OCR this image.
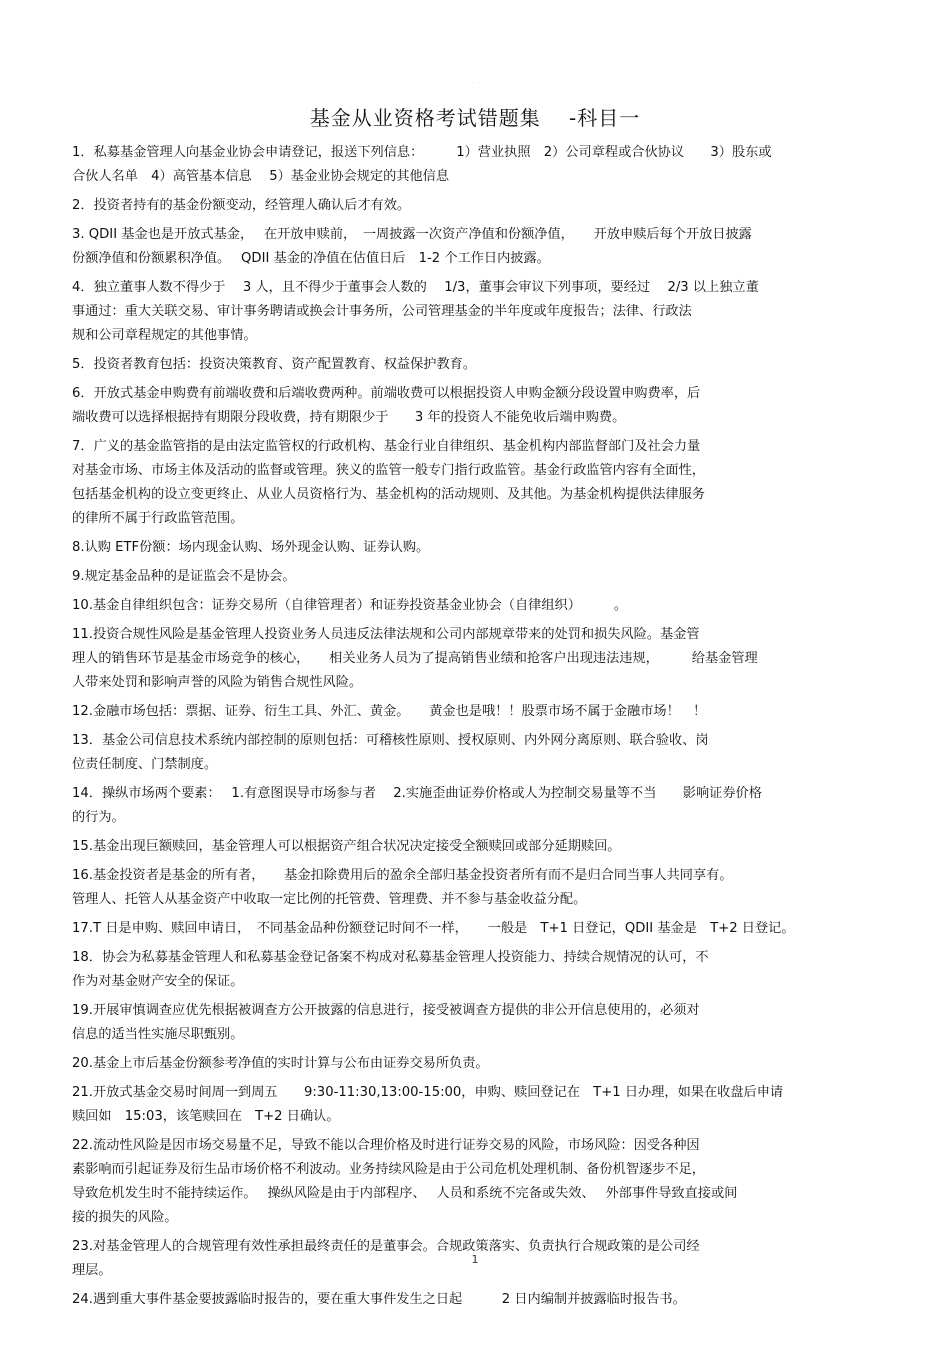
· · ·
基金从业资格考试错题集　 -科目一
1．私募基金管理人向基金业协会申请登记，报送下列信息：　　　1）营业执照　2）公司章程或合伙协议　　3）股东或
合伙人名单　4）高管基本信息　 5）基金业协会规定的其他信息
2．投资者持有的基金份额变动，经管理人确认后才有效。
3. QDII 基金也是开放式基金，　 在开放申赎前，　一周披露一次资产净值和份额净值，　　开放申赎后每个开放日披露
份额净值和份额累积净值。　 QDII 基金的净值在估值日后　1-2 个工作日内披露。
4．独立董事人数不得少于　 3 人，且不得少于董事会人数的　 1/3，董事会审议下列事项，要经过　 2/3 以上独立董
事通过：重大关联交易、审计事务聘请或换会计事务所，公司管理基金的半年度或年度报告；法律、行政法
规和公司章程规定的其他事情。
5．投资者教育包括：投资决策教育、资产配置教育、权益保护教育。
6．开放式基金申购费有前端收费和后端收费两种。前端收费可以根据投资人申购金额分段设置申购费率，后
端收费可以选择根据持有期限分段收费，持有期限少于　　3 年的投资人不能免收后端申购费。
7．广义的基金监管指的是由法定监管权的行政机构、基金行业自律组织、基金机构内部监督部门及社会力量
对基金市场、市场主体及活动的监督或管理。狭义的监管一般专门指行政监管。基金行政监管内容有全面性，
包括基金机构的设立变更终止、从业人员资格行为、基金机构的活动规则、及其他。为基金机构提供法律服务
的律所不属于行政监管范围。
8.认购 ETF份额：场内现金认购、场外现金认购、证券认购。
9.规定基金品种的是证监会不是协会。
10.基金自律组织包含：证券交易所（自律管理者）和证券投资基金业协会（自律组织）　　　。
11.投资合规性风险是基金管理人投资业务人员违反法律法规和公司内部规章带来的处罚和损失风险。基金管
理人的销售环节是基金市场竞争的核心，　　相关业务人员为了提高销售业绩和抢客户出现违法违规，　　　给基金管理
人带来处罚和影响声誉的风险为销售合规性风险。
12.金融市场包括：票据、证券、衍生工具、外汇、黄金。　　黄金也是哦！！股票市场不属于金融市场！　！
13．基金公司信息技术系统内部控制的原则包括：可稽核性原则、授权原则、内外网分离原则、联合验收、岗
位责任制度、门禁制度。
14．操纵市场两个要素：　 1.有意图误导市场参与者　 2.实施歪曲证券价格或人为控制交易量等不当　　影响证券价格
的行为。
15.基金出现巨额赎回，基金管理人可以根据资产组合状况决定接受全额赎回或部分延期赎回。
16.基金投资者是基金的所有者，　　基金扣除费用后的盈余全部归基金投资者所有而不是归合同当事人共同享有。
管理人、托管人从基金资产中收取一定比例的托管费、管理费、并不参与基金收益分配。
17.T 日是申购、赎回申请日，　不同基金品种份额登记时间不一样，　　一般是　T+1 日登记，QDII 基金是　T+2 日登记。
18．协会为私募基金管理人和私募基金登记备案不构成对私募基金管理人投资能力、持续合规情况的认可，不
作为对基金财产安全的保证。
19.开展审慎调查应优先根据被调查方公开披露的信息进行，接受被调查方提供的非公开信息使用的，必须对
信息的适当性实施尽职甄别。
20.基金上市后基金份额参考净值的实时计算与公布由证券交易所负责。
21.开放式基金交易时间周一到周五　　9:30-11:30,13:00-15:00，申购、赎回登记在　T+1 日办理，如果在收盘后申请
赎回如　15:03，该笔赎回在　T+2 日确认。
22.流动性风险是因市场交易量不足，导致不能以合理价格及时进行证券交易的风险，市场风险：因受各种因
素影响而引起证券及衍生品市场价格不利波动。业务持续风险是由于公司危机处理机制、备份机智逐步不足，
导致危机发生时不能持续运作。　 操纵风险是由于内部程序、　 人员和系统不完备或失效、　 外部事件导致直接或间
接的损失的风险。
23.对基金管理人的合规管理有效性承担最终责任的是董事会。合规政策落实、负责执行合规政策的是公司经
理层。
24.遇到重大事件基金要披露临时报告的，要在重大事件发生之日起　　　2 日内编制并披露临时报告书。
1
